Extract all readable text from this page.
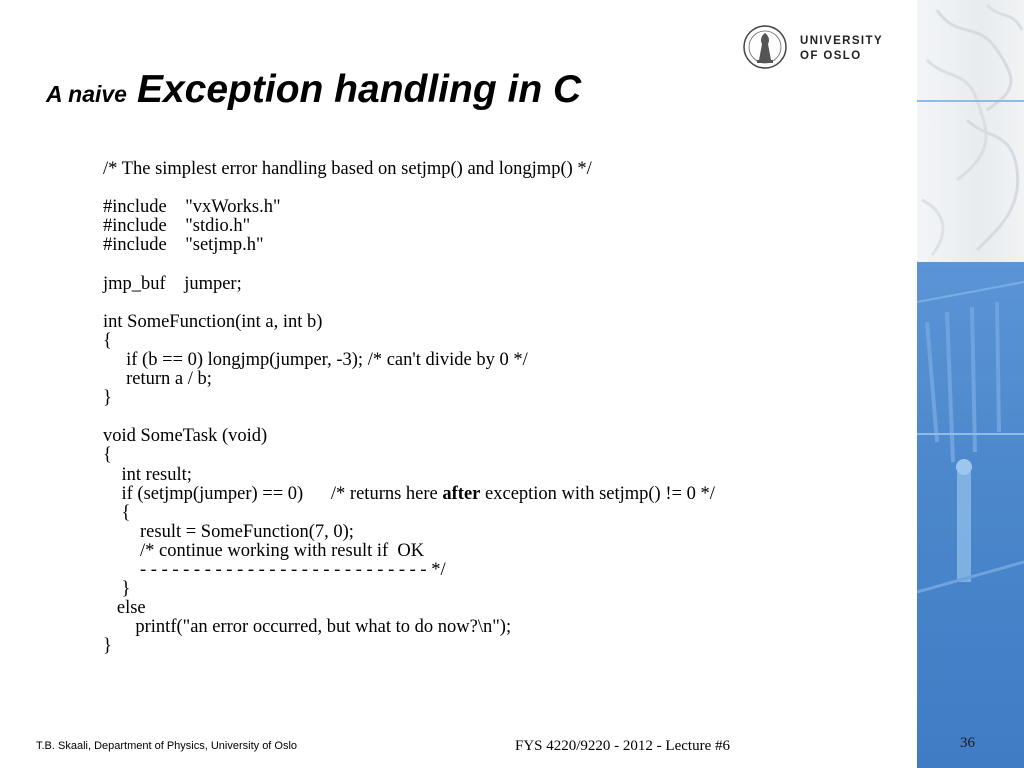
UNIVERSITY
OF OSLO
A naive Exception handling in C
/* The simplest error handling based on setjmp() and longjmp() */
#include    "vxWorks.h"
#include    "stdio.h"
#include    "setjmp.h"
jmp_buf    jumper;
int SomeFunction(int a, int b)
{
if (b == 0) longjmp(jumper, -3); /* can't divide by 0 */
return a / b;
}
void SomeTask (void)
{
int result;
if (setjmp(jumper) == 0)      /* returns here after exception with setjmp() != 0 */
{
result = SomeFunction(7, 0);
/* continue working with result if  OK
- - - - - - - - - - - - - - - - - - - - - - - - - - - */
}
else
printf("an error occurred, but what to do now?\n");
}
T.B. Skaali, Department of Physics, University of Oslo	FYS 4220/9220 - 2012 - Lecture #6	36
